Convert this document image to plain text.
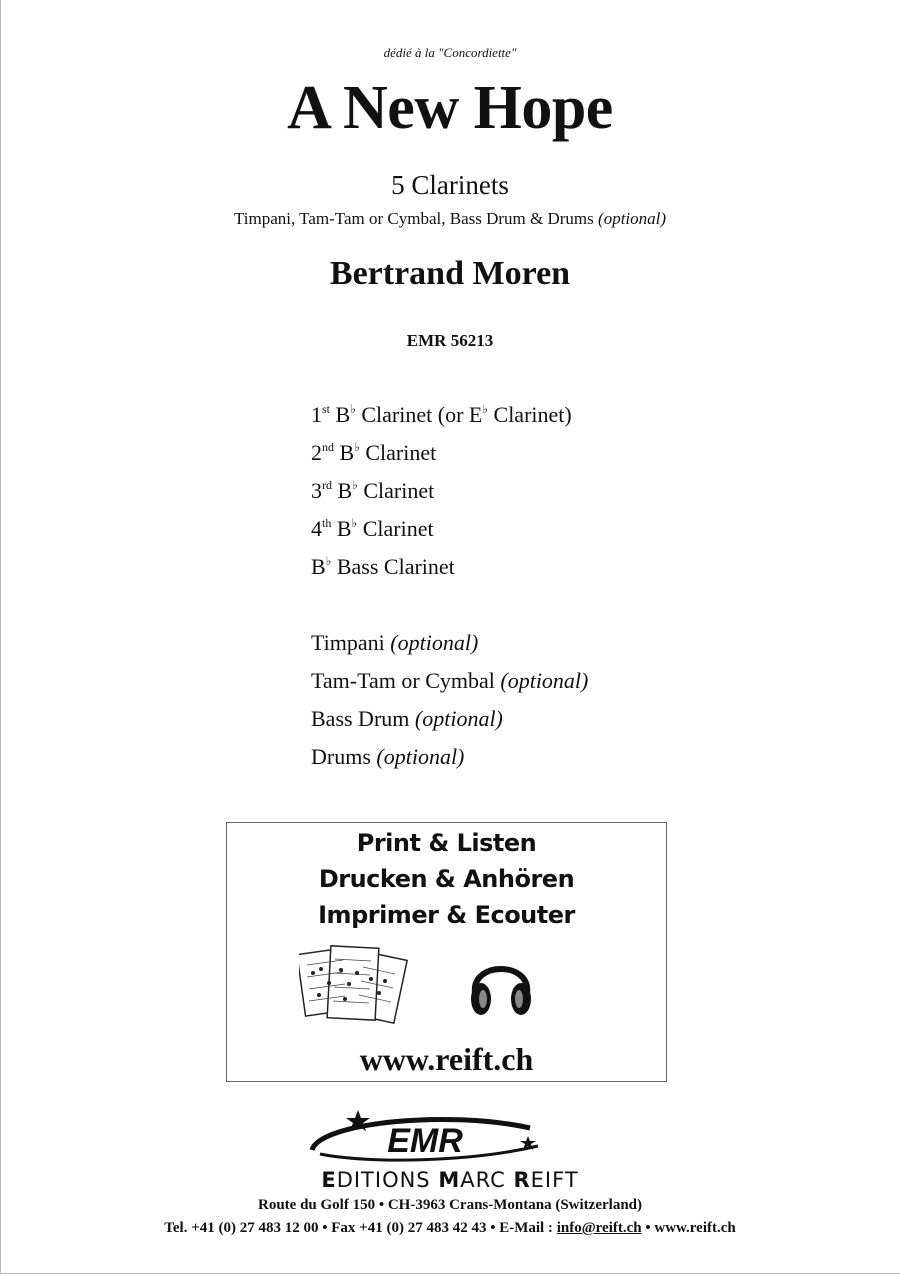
dédié à la "Concordiette"
A New Hope
5 Clarinets
Timpani, Tam-Tam or Cymbal, Bass Drum & Drums (optional)
Bertrand Moren
EMR 56213
1st B♭ Clarinet (or E♭ Clarinet)
2nd B♭ Clarinet
3rd B♭ Clarinet
4th B♭ Clarinet
B♭ Bass Clarinet
Timpani (optional)
Tam-Tam or Cymbal (optional)
Bass Drum (optional)
Drums (optional)
Print & Listen
Drucken & Anhören
Imprimer & Ecouter
www.reift.ch
EMR
EDITIONS MARC REIFT
Route du Golf 150 • CH-3963 Crans-Montana (Switzerland)
Tel. +41 (0) 27 483 12 00 • Fax +41 (0) 27 483 42 43 • E-Mail : info@reift.ch • www.reift.ch
